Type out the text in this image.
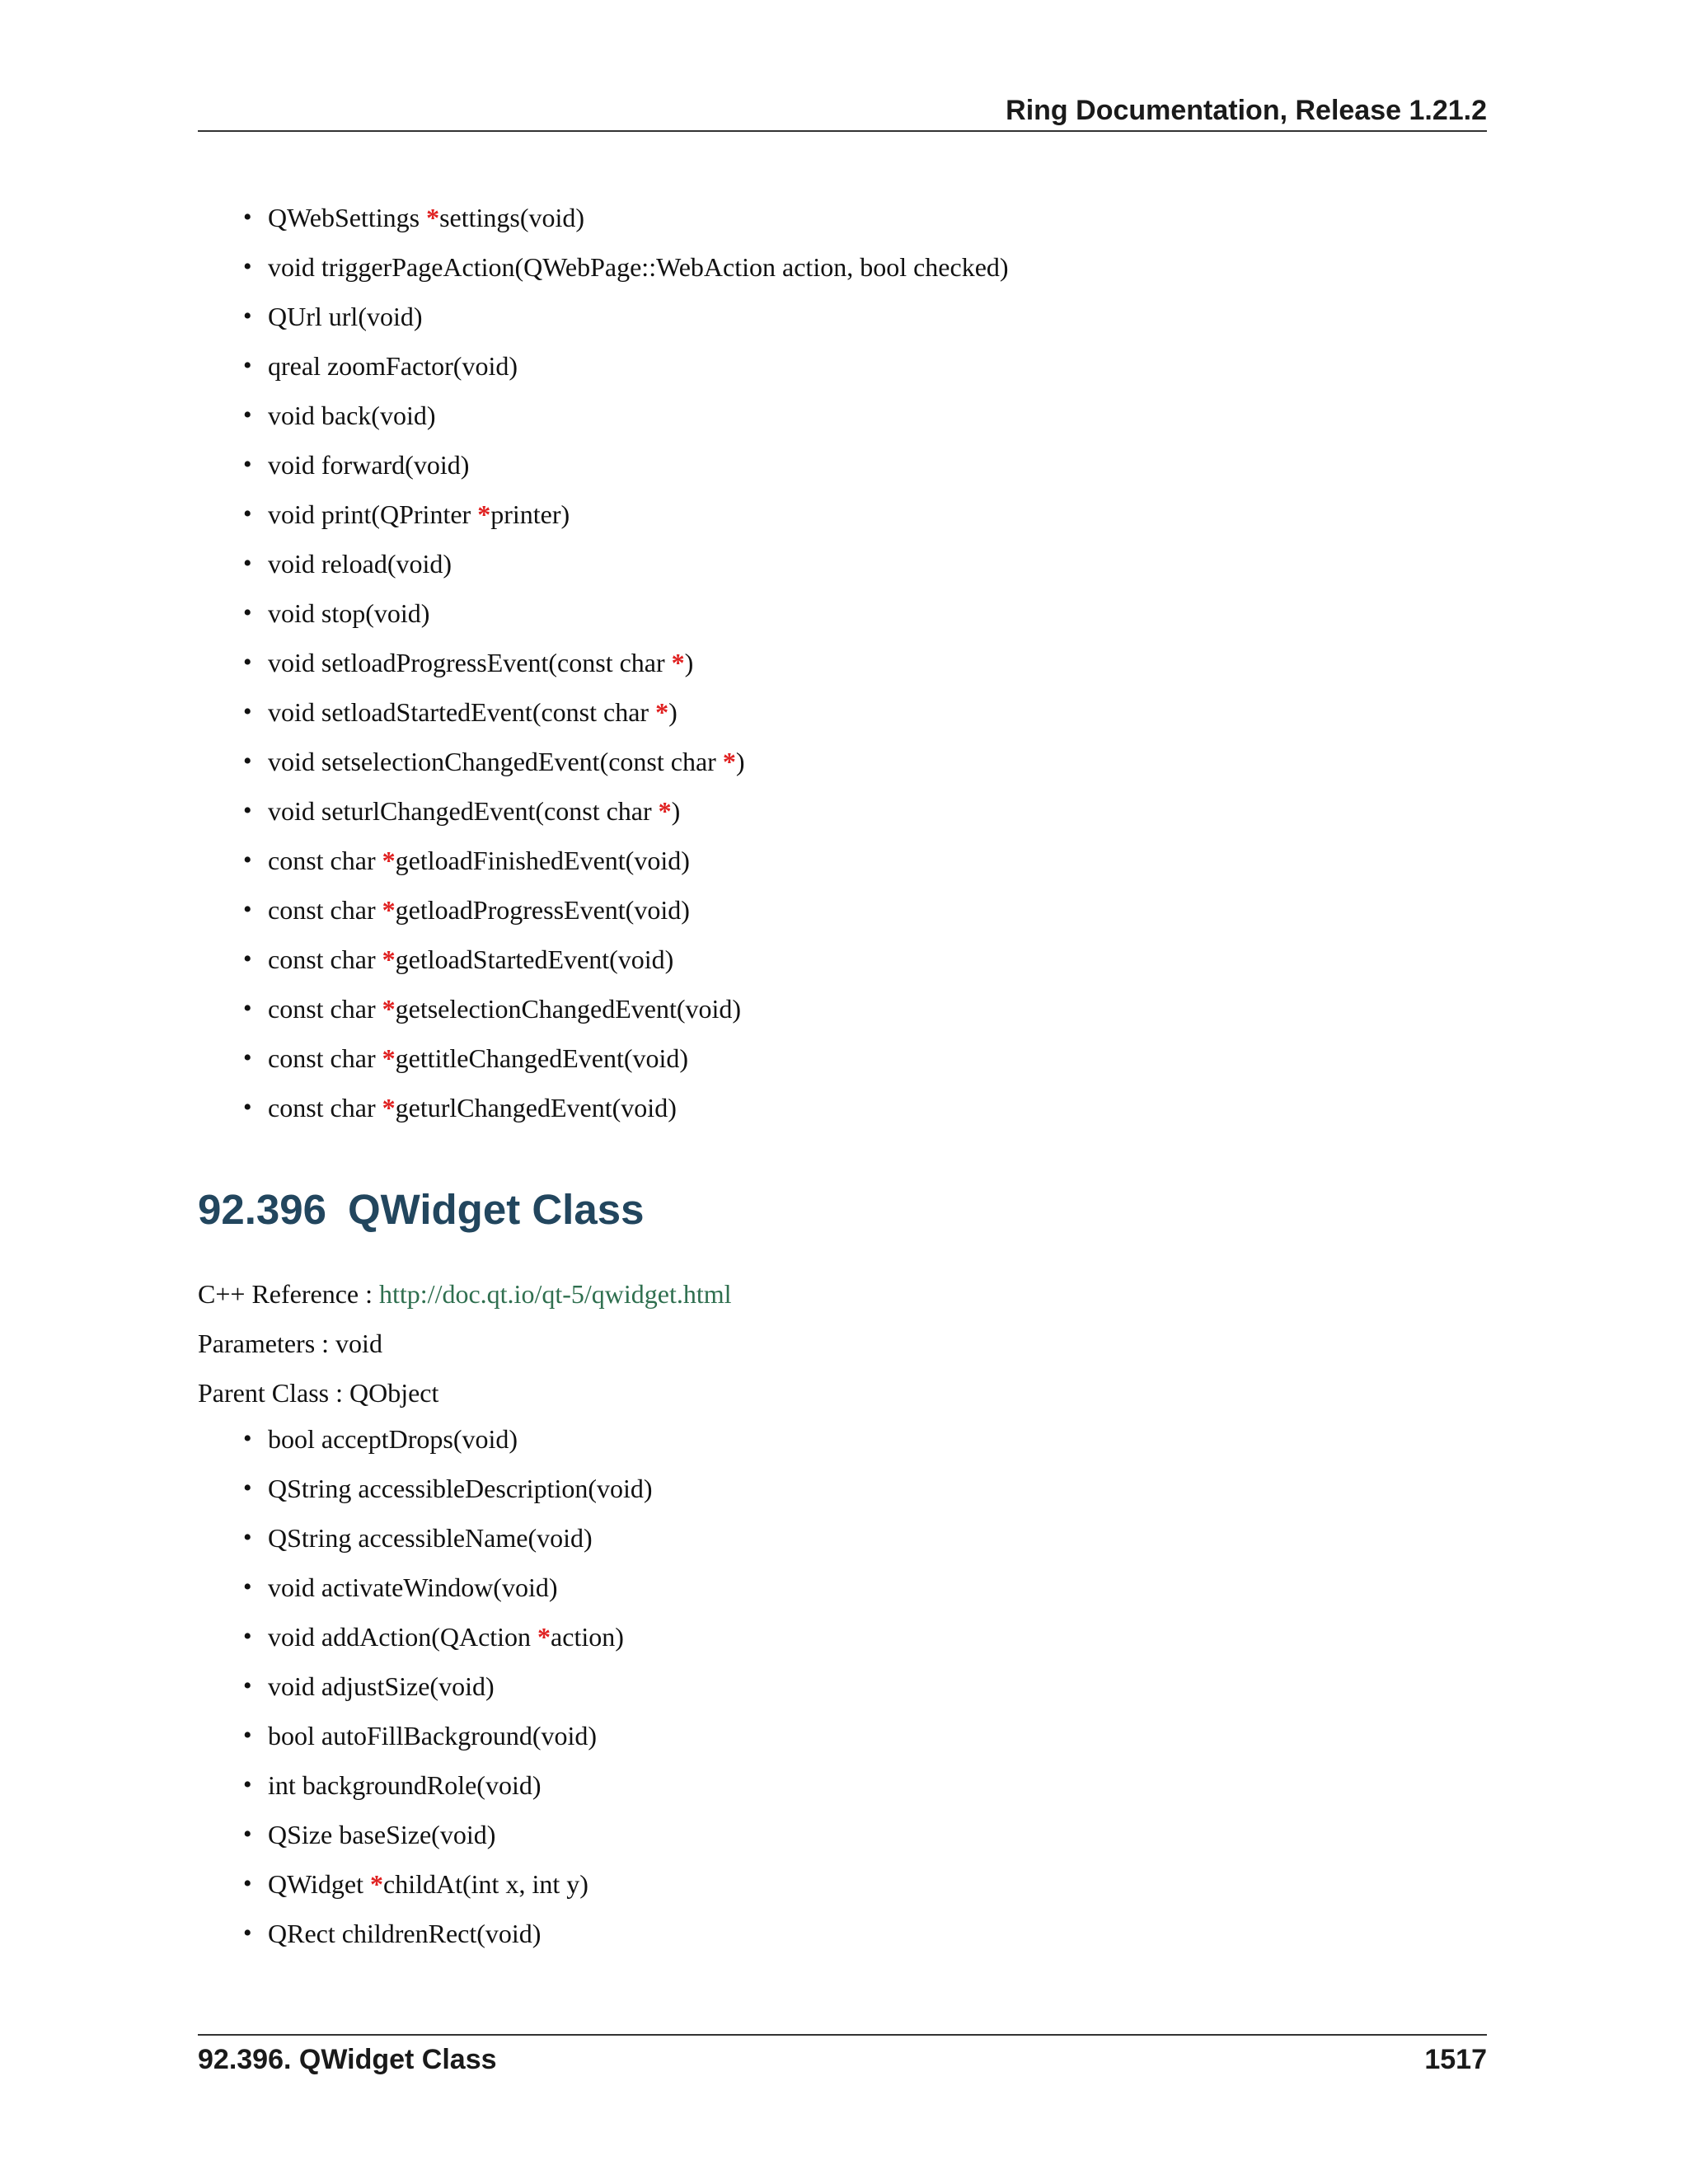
Ring Documentation, Release 1.21.2
• QWebSettings *settings(void)
• void triggerPageAction(QWebPage::WebAction action, bool checked)
• QUrl url(void)
• qreal zoomFactor(void)
• void back(void)
• void forward(void)
• void print(QPrinter *printer)
• void reload(void)
• void stop(void)
• void setloadProgressEvent(const char *)
• void setloadStartedEvent(const char *)
• void setselectionChangedEvent(const char *)
• void seturlChangedEvent(const char *)
• const char *getloadFinishedEvent(void)
• const char *getloadProgressEvent(void)
• const char *getloadStartedEvent(void)
• const char *getselectionChangedEvent(void)
• const char *gettitleChangedEvent(void)
• const char *geturlChangedEvent(void)
92.396 QWidget Class
C++ Reference : http://doc.qt.io/qt-5/qwidget.html
Parameters : void
Parent Class : QObject
• bool acceptDrops(void)
• QString accessibleDescription(void)
• QString accessibleName(void)
• void activateWindow(void)
• void addAction(QAction *action)
• void adjustSize(void)
• bool autoFillBackground(void)
• int backgroundRole(void)
• QSize baseSize(void)
• QWidget *childAt(int x, int y)
• QRect childrenRect(void)
92.396. QWidget Class	1517
